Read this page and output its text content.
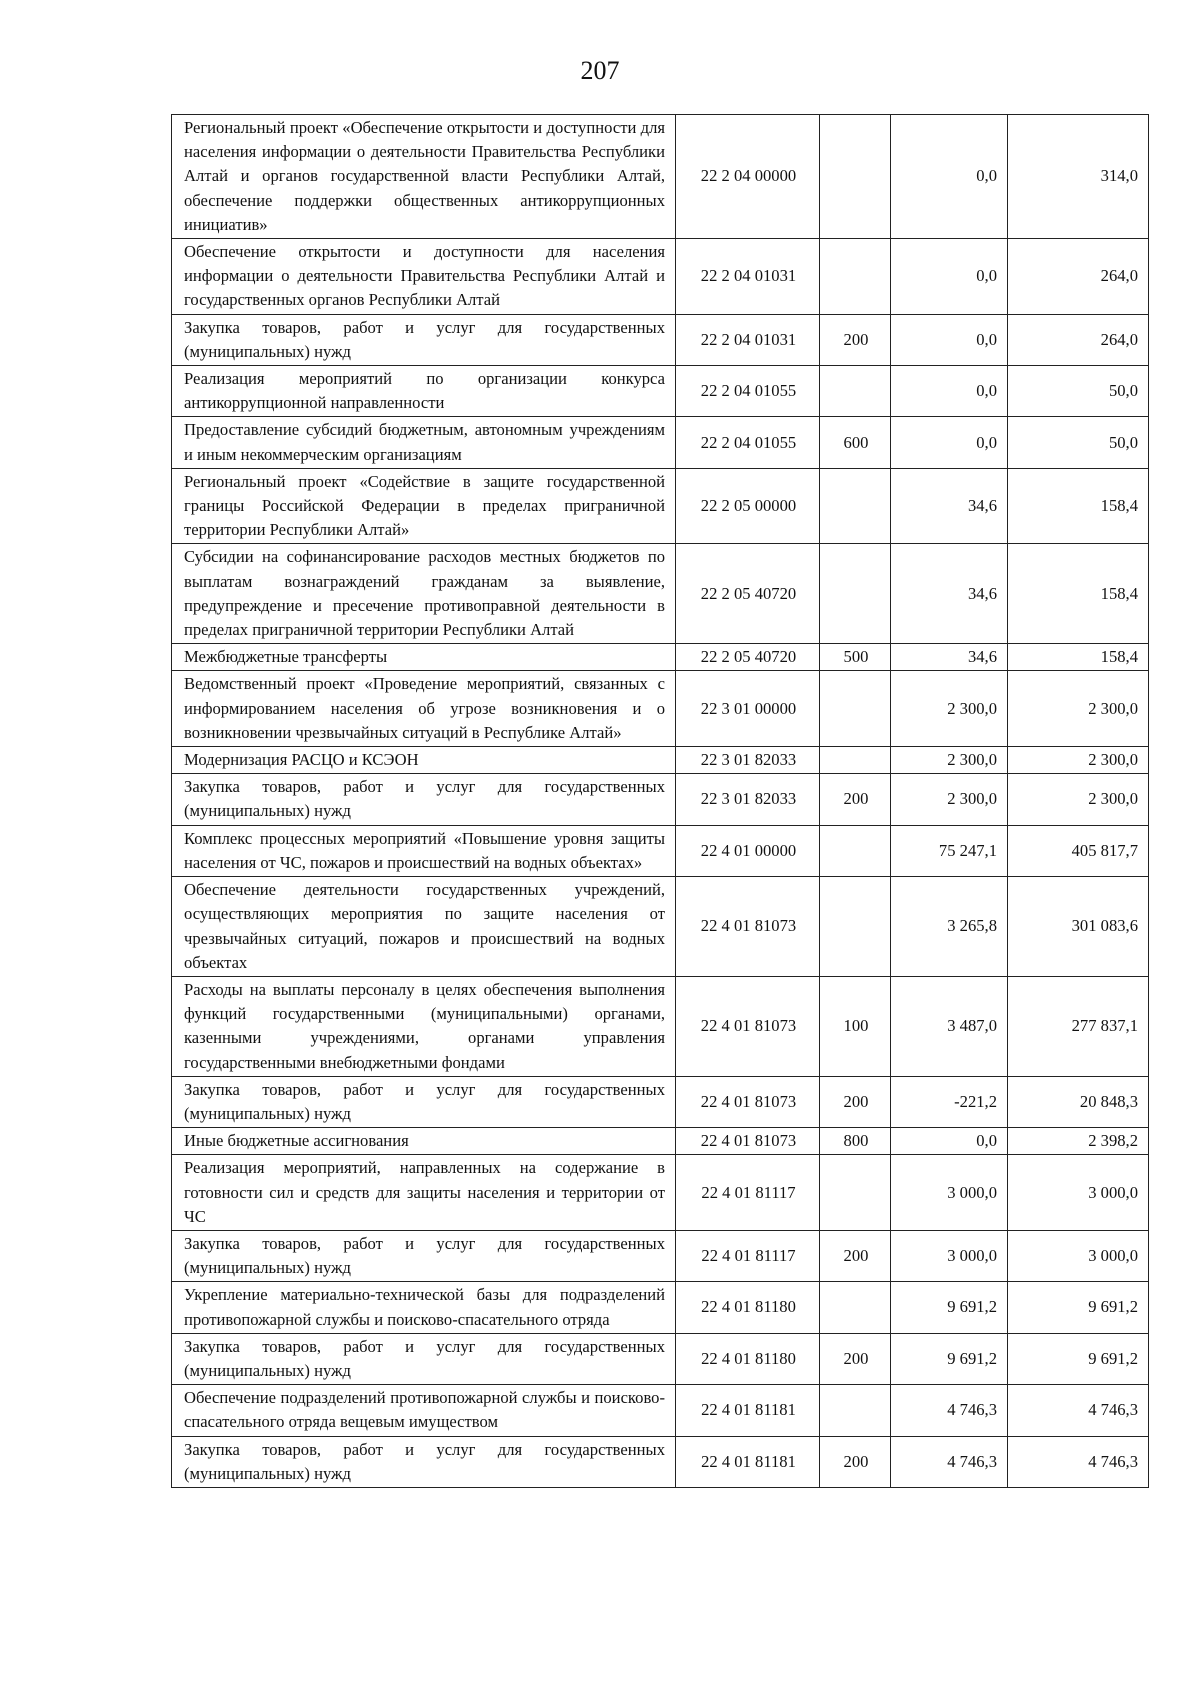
207
Региональный проект «Обеспечение открытости и доступности для населения информации о деятельности Правительства Республики Алтай и органов государственной власти Республики Алтай, обеспечение поддержки общественных антикоррупционных инициатив»	22 2 04 00000		0,0	314,0
Обеспечение открытости и доступности для населения информации о деятельности Правительства Республики Алтай и государственных органов Республики Алтай	22 2 04 01031		0,0	264,0
Закупка товаров, работ и услуг для государственных (муниципальных) нужд	22 2 04 01031	200	0,0	264,0
Реализация мероприятий по организации конкурса антикоррупционной направленности	22 2 04 01055		0,0	50,0
Предоставление субсидий бюджетным, автономным учреждениям и иным некоммерческим организациям	22 2 04 01055	600	0,0	50,0
Региональный проект «Содействие в защите государственной границы Российской Федерации в пределах приграничной территории Республики Алтай»	22 2 05 00000		34,6	158,4
Субсидии на софинансирование расходов местных бюджетов по выплатам вознаграждений гражданам за выявление, предупреждение и пресечение противоправной деятельности в пределах приграничной территории Республики Алтай	22 2 05 40720		34,6	158,4
Межбюджетные трансферты	22 2 05 40720	500	34,6	158,4
Ведомственный проект «Проведение мероприятий, связанных с информированием населения об угрозе возникновения и о возникновении чрезвычайных ситуаций в Республике Алтай»	22 3 01 00000		2 300,0	2 300,0
Модернизация РАСЦО и КСЭОН	22 3 01 82033		2 300,0	2 300,0
Закупка товаров, работ и услуг для государственных (муниципальных) нужд	22 3 01 82033	200	2 300,0	2 300,0
Комплекс процессных мероприятий «Повышение уровня защиты населения от ЧС, пожаров и происшествий на водных объектах»	22 4 01 00000		75 247,1	405 817,7
Обеспечение деятельности государственных учреждений, осуществляющих мероприятия по защите населения от чрезвычайных ситуаций, пожаров и происшествий на водных объектах	22 4 01 81073		3 265,8	301 083,6
Расходы на выплаты персоналу в целях обеспечения выполнения функций государственными (муниципальными) органами, казенными учреждениями, органами управления государственными внебюджетными фондами	22 4 01 81073	100	3 487,0	277 837,1
Закупка товаров, работ и услуг для государственных (муниципальных) нужд	22 4 01 81073	200	-221,2	20 848,3
Иные бюджетные ассигнования	22 4 01 81073	800	0,0	2 398,2
Реализация мероприятий, направленных на содержание в готовности сил и средств для защиты населения и территории от ЧС	22 4 01 81117		3 000,0	3 000,0
Закупка товаров, работ и услуг для государственных (муниципальных) нужд	22 4 01 81117	200	3 000,0	3 000,0
Укрепление материально-технической базы для подразделений противопожарной службы и поисково-спасательного отряда	22 4 01 81180		9 691,2	9 691,2
Закупка товаров, работ и услуг для государственных (муниципальных) нужд	22 4 01 81180	200	9 691,2	9 691,2
Обеспечение подразделений противопожарной службы и поисково-спасательного отряда вещевым имуществом	22 4 01 81181		4 746,3	4 746,3
Закупка товаров, работ и услуг для государственных (муниципальных) нужд	22 4 01 81181	200	4 746,3	4 746,3
